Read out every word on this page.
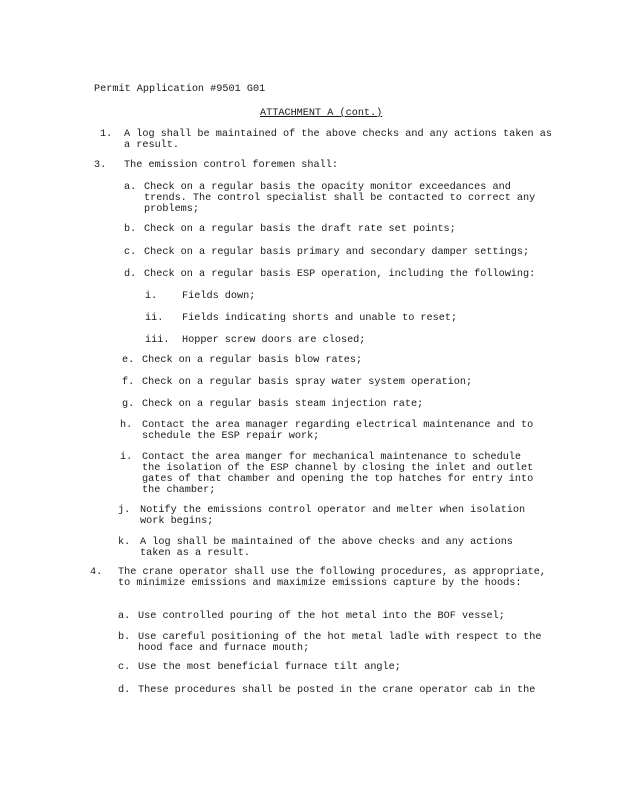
Permit Application #9501 G01
ATTACHMENT A (cont.)
1. A log shall be maintained of the above checks and any actions taken as a result.
3. The emission control foremen shall:
a. Check on a regular basis the opacity monitor exceedances and trends. The control specialist shall be contacted to correct any problems;
b. Check on a regular basis the draft rate set points;
c. Check on a regular basis primary and secondary damper settings;
d. Check on a regular basis ESP operation, including the following:
i. Fields down;
ii. Fields indicating shorts and unable to reset;
iii. Hopper screw doors are closed;
e. Check on a regular basis blow rates;
f. Check on a regular basis spray water system operation;
g. Check on a regular basis steam injection rate;
h. Contact the area manager regarding electrical maintenance and to schedule the ESP repair work;
i. Contact the area manger for mechanical maintenance to schedule the isolation of the ESP channel by closing the inlet and outlet gates of that chamber and opening the top hatches for entry into the chamber;
j. Notify the emissions control operator and melter when isolation work begins;
k. A log shall be maintained of the above checks and any actions taken as a result.
4. The crane operator shall use the following procedures, as appropriate, to minimize emissions and maximize emissions capture by the hoods:
a. Use controlled pouring of the hot metal into the BOF vessel;
b. Use careful positioning of the hot metal ladle with respect to the hood face and furnace mouth;
c. Use the most beneficial furnace tilt angle;
d. These procedures shall be posted in the crane operator cab in the
